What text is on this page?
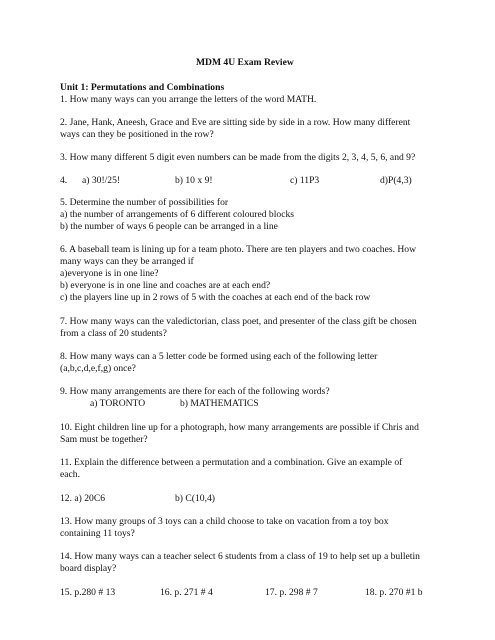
MDM 4U Exam Review
Unit 1: Permutations and Combinations
1. How many ways can you arrange the letters of the word MATH.
2. Jane, Hank, Aneesh, Grace and Eve are sitting side by side in a row. How many different
ways can they be positioned in the row?
3. How many different 5 digit even numbers can be made from the digits 2, 3, 4, 5, 6, and 9?
4. a) 30!/25!	b) 10 x 9!	c) 11P3	d)P(4,3)
5. Determine the number of possibilities for
a) the number of arrangements of 6 different coloured blocks
b) the number of ways 6 people can be arranged in a line
6. A baseball team is lining up for a team photo. There are ten players and two coaches. How
many ways can they be arranged if
a)everyone is in one line?
b) everyone is in one line and coaches are at each end?
c) the players line up in 2 rows of 5 with the coaches at each end of the back row
7. How many ways can the valedictorian, class poet, and presenter of the class gift be chosen
from a class of 20 students?
8. How many ways can a 5 letter code be formed using each of the following letter
(a,b,c,d,e,f,g) once?
9. How many arrangements are there for each of the following words?
a) TORONTO	b) MATHEMATICS
10. Eight children line up for a photograph, how many arrangements are possible if Chris and
Sam must be together?
11. Explain the difference between a permutation and a combination. Give an example of
each.
12. a) 20C6	b) C(10,4)
13. How many groups of 3 toys can a child choose to take on vacation from a toy box
containing 11 toys?
14. How many ways can a teacher select 6 students from a class of 19 to help set up a bulletin
board display?
15. p.280 # 13	16. p. 271 # 4	17. p. 298 # 7	18. p. 270 #1 b
